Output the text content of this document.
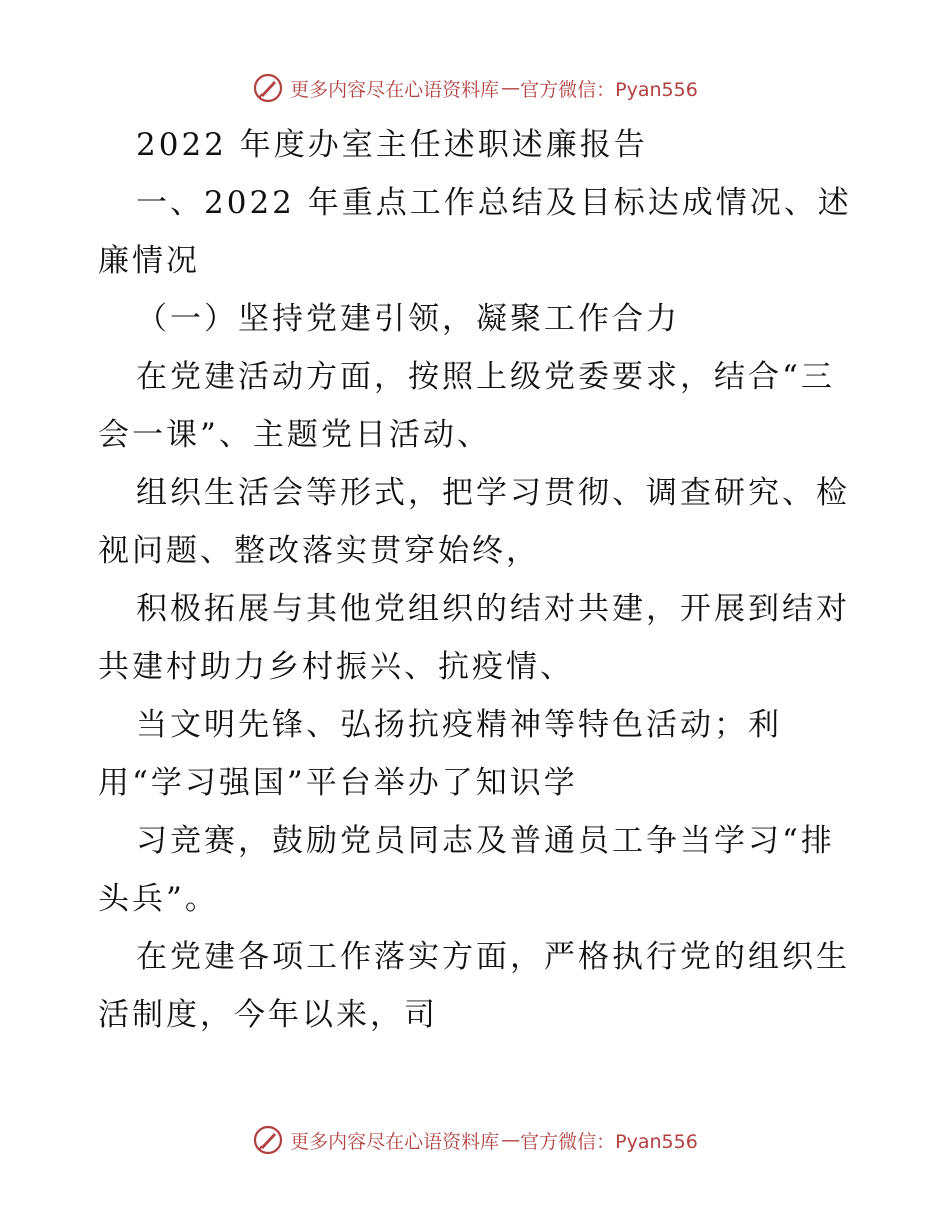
更多内容尽在心语资料库 — 官方微信：Pyan556

2022 年度办室主任述职述廉报告

一、2022 年重点工作总结及目标达成情况、述廉情况

（一）坚持党建引领，凝聚工作合力

在党建活动方面，按照上级党委要求，结合“三会一课”、主题党日活动、

组织生活会等形式，把学习贯彻、调查研究、检视问题、整改落实贯穿始终，

积极拓展与其他党组织的结对共建，开展到结对共建村助力乡村振兴、抗疫情、

当文明先锋、弘扬抗疫精神等特色活动；利用“学习强国”平台举办了知识学

习竞赛，鼓励党员同志及普通员工争当学习“排头兵”。

在党建各项工作落实方面，严格执行党的组织生活制度，今年以来，司

更多内容尽在心语资料库 — 官方微信：Pyan556
